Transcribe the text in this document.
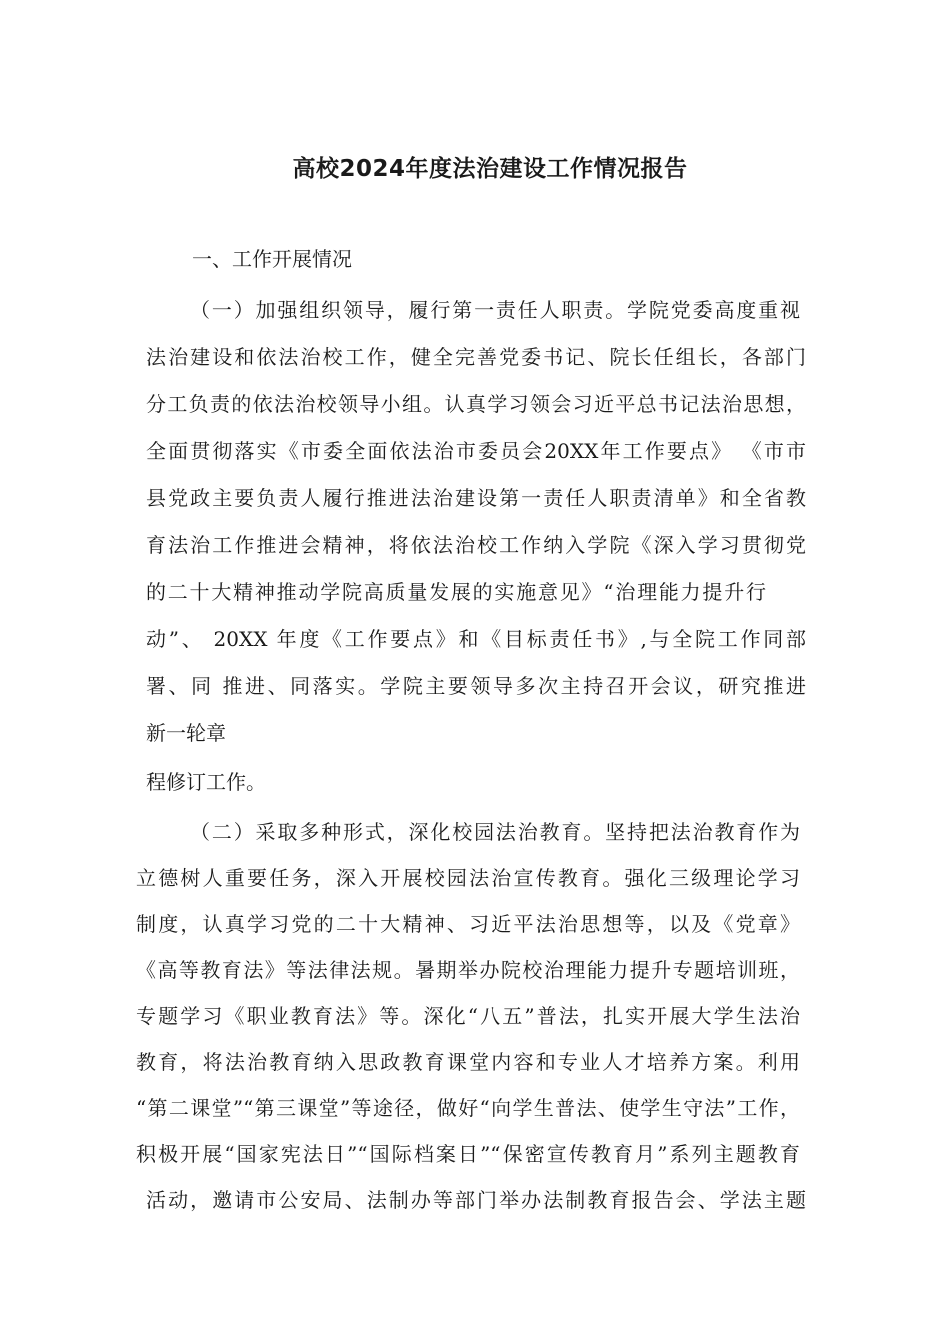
高校2024年度法治建设工作情况报告

一、工作开展情况

（一）加强组织领导，履行第一责任人职责。学院党委高度重视

法治建设和依法治校工作，健全完善党委书记、院长任组长，各部门

分工负责的依法治校领导小组。认真学习领会习近平总书记法治思想，

全面贯彻落实《市委全面依法治市委员会20XX年工作要点》 《市市

县党政主要负责人履行推进法治建设第一责任人职责清单》和全省教

育法治工作推进会精神，将依法治校工作纳入学院《深入学习贯彻党

的二十大精神推动学院高质量发展的实施意见》“治理能力提升行

动”、 20XX 年度《工作要点》和《目标责任书》,与全院工作同部

署、同 推进、同落实。学院主要领导多次主持召开会议，研究推进

新一轮章

程修订工作。

（二）采取多种形式，深化校园法治教育。坚持把法治教育作为

立德树人重要任务，深入开展校园法治宣传教育。强化三级理论学习

制度，认真学习党的二十大精神、习近平法治思想等，以及《党章》

《高等教育法》等法律法规。暑期举办院校治理能力提升专题培训班，

专题学习《职业教育法》等。深化“八五”普法，扎实开展大学生法治

教育，将法治教育纳入思政教育课堂内容和专业人才培养方案。利用

“第二课堂”“第三课堂”等途径，做好“向学生普法、使学生守法”工作，

积极开展“国家宪法日”“国际档案日”“保密宣传教育月”系列主题教育

活动，邀请市公安局、法制办等部门举办法制教育报告会、学法主题
